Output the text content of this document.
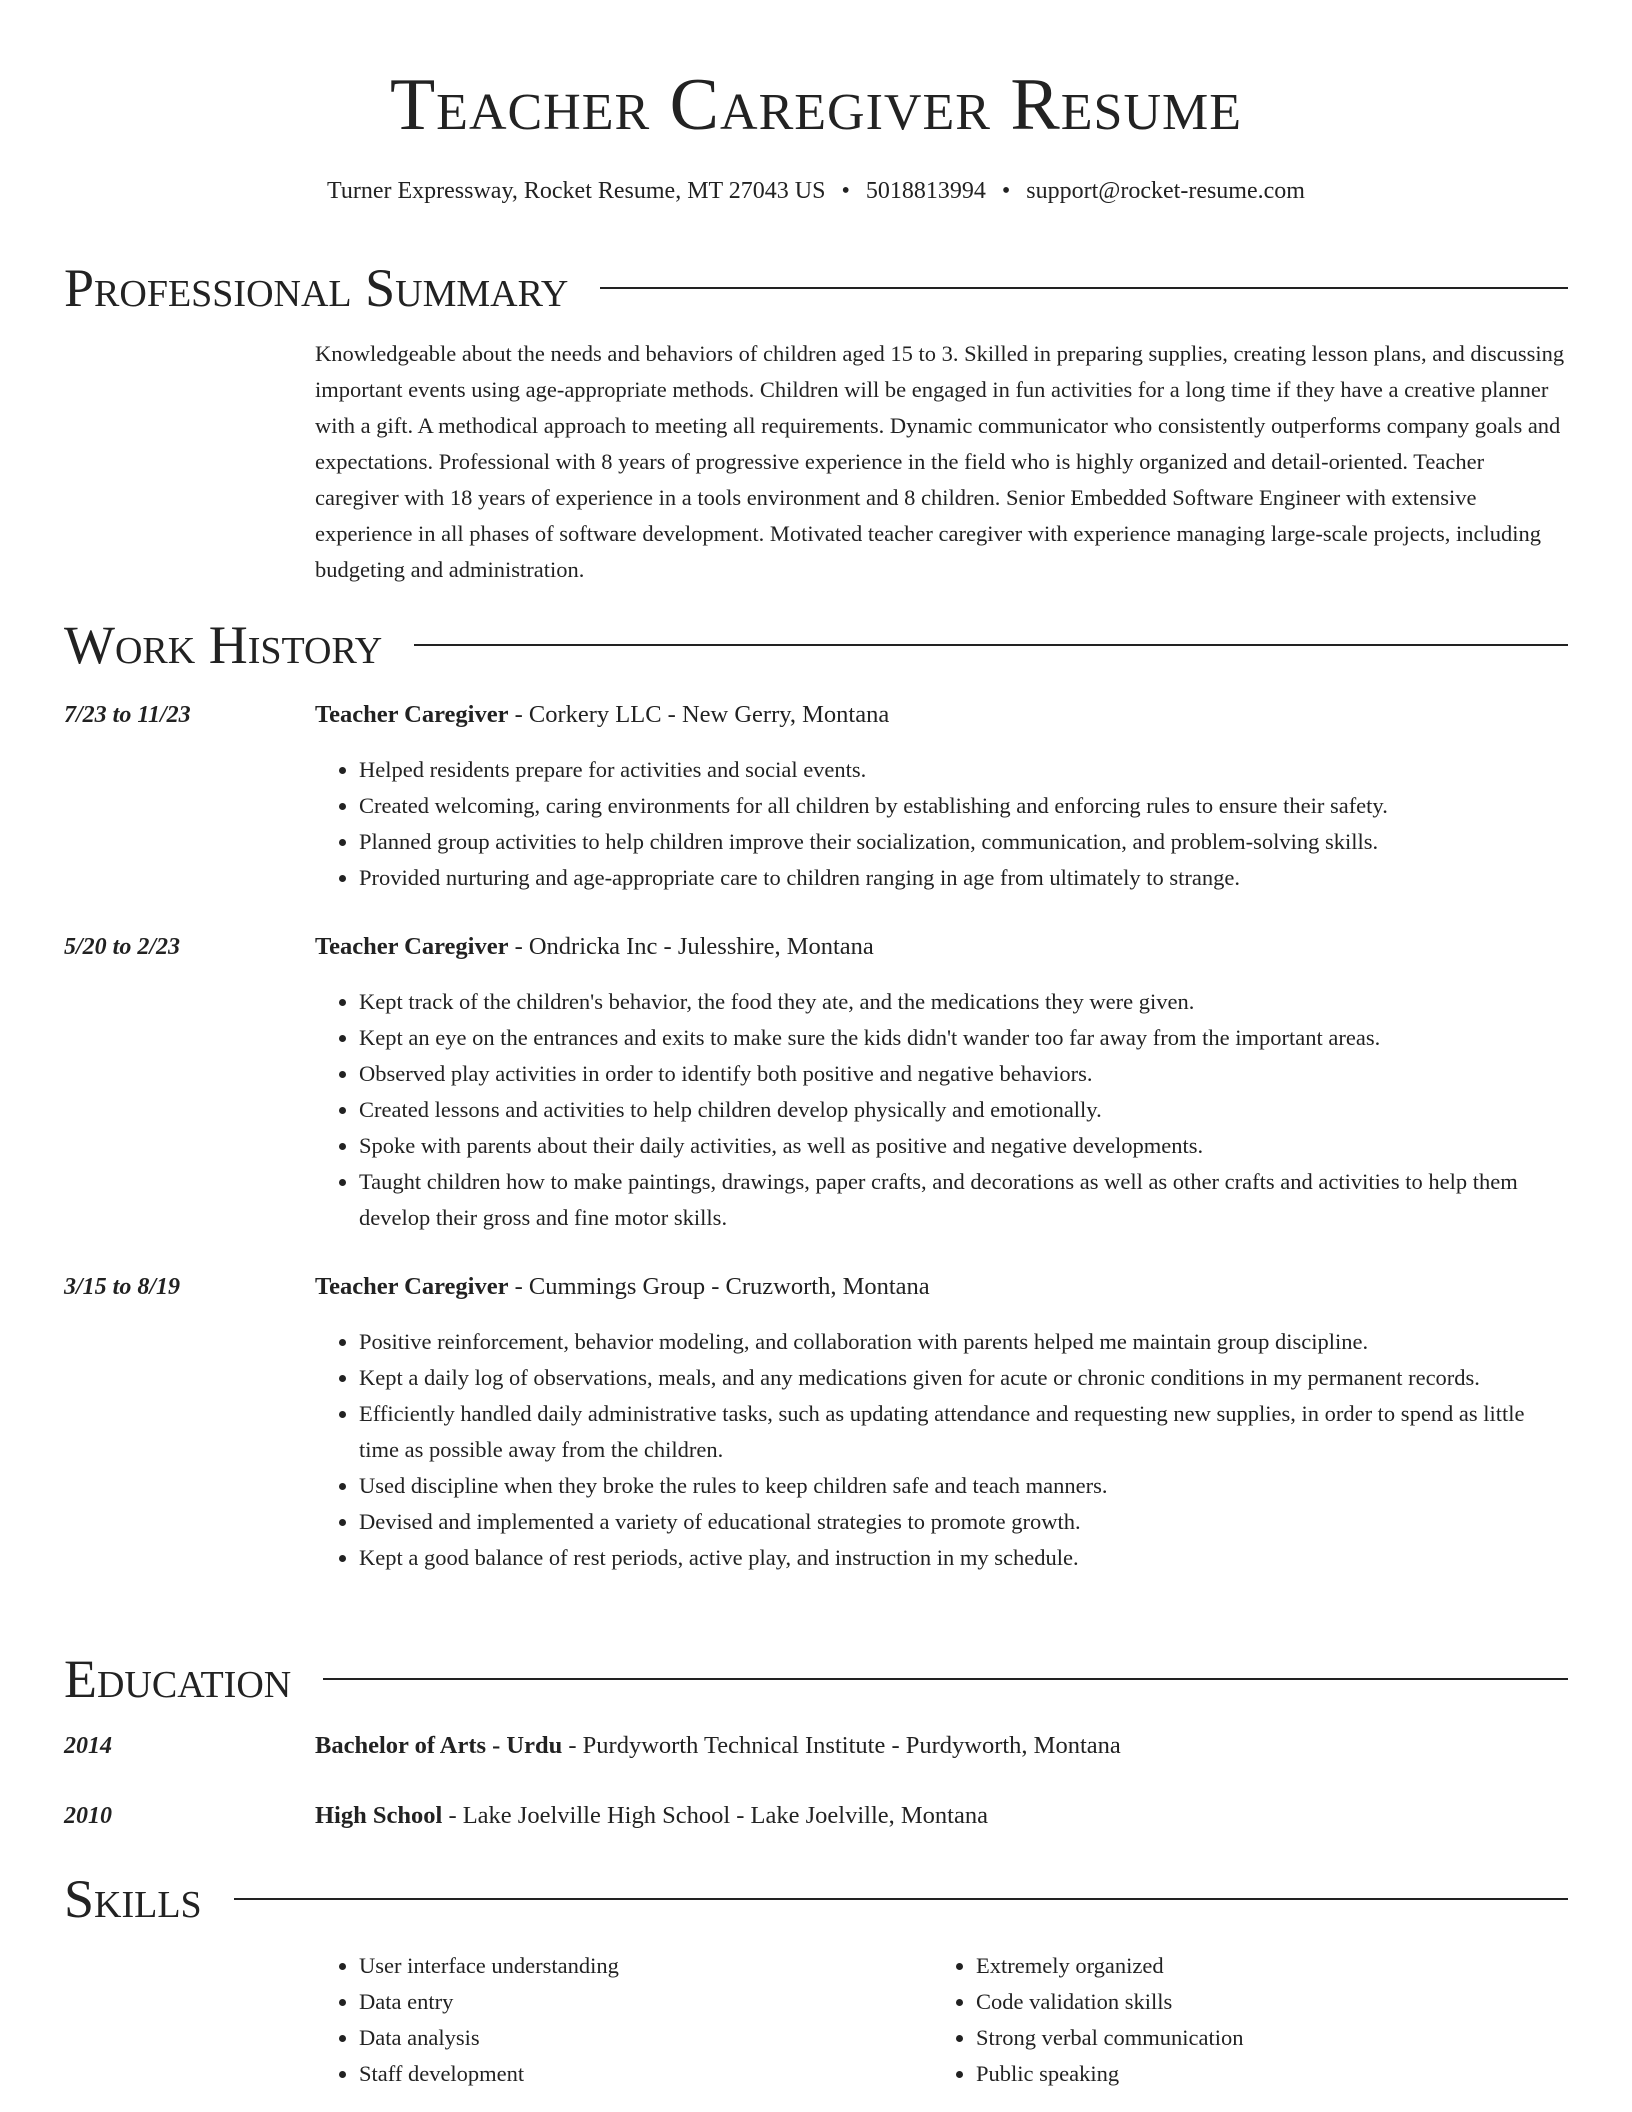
Teacher Caregiver Resume
Turner Expressway, Rocket Resume, MT 27043 US • 5018813994 • support@rocket-resume.com
Professional Summary
Knowledgeable about the needs and behaviors of children aged 15 to 3. Skilled in preparing supplies, creating lesson plans, and discussing important events using age-appropriate methods. Children will be engaged in fun activities for a long time if they have a creative planner with a gift. A methodical approach to meeting all requirements. Dynamic communicator who consistently outperforms company goals and expectations. Professional with 8 years of progressive experience in the field who is highly organized and detail-oriented. Teacher caregiver with 18 years of experience in a tools environment and 8 children. Senior Embedded Software Engineer with extensive experience in all phases of software development. Motivated teacher caregiver with experience managing large-scale projects, including budgeting and administration.
Work History
7/23 to 11/23	Teacher Caregiver - Corkery LLC - New Gerry, Montana
• Helped residents prepare for activities and social events.
• Created welcoming, caring environments for all children by establishing and enforcing rules to ensure their safety.
• Planned group activities to help children improve their socialization, communication, and problem-solving skills.
• Provided nurturing and age-appropriate care to children ranging in age from ultimately to strange.
5/20 to 2/23	Teacher Caregiver - Ondricka Inc - Julesshire, Montana
• Kept track of the children's behavior, the food they ate, and the medications they were given.
• Kept an eye on the entrances and exits to make sure the kids didn't wander too far away from the important areas.
• Observed play activities in order to identify both positive and negative behaviors.
• Created lessons and activities to help children develop physically and emotionally.
• Spoke with parents about their daily activities, as well as positive and negative developments.
• Taught children how to make paintings, drawings, paper crafts, and decorations as well as other crafts and activities to help them develop their gross and fine motor skills.
3/15 to 8/19	Teacher Caregiver - Cummings Group - Cruzworth, Montana
• Positive reinforcement, behavior modeling, and collaboration with parents helped me maintain group discipline.
• Kept a daily log of observations, meals, and any medications given for acute or chronic conditions in my permanent records.
• Efficiently handled daily administrative tasks, such as updating attendance and requesting new supplies, in order to spend as little time as possible away from the children.
• Used discipline when they broke the rules to keep children safe and teach manners.
• Devised and implemented a variety of educational strategies to promote growth.
• Kept a good balance of rest periods, active play, and instruction in my schedule.
Education
2014	Bachelor of Arts - Urdu - Purdyworth Technical Institute - Purdyworth, Montana
2010	High School - Lake Joelville High School - Lake Joelville, Montana
Skills
• User interface understanding
• Data entry
• Data analysis
• Staff development
• Extremely organized
• Code validation skills
• Strong verbal communication
• Public speaking
